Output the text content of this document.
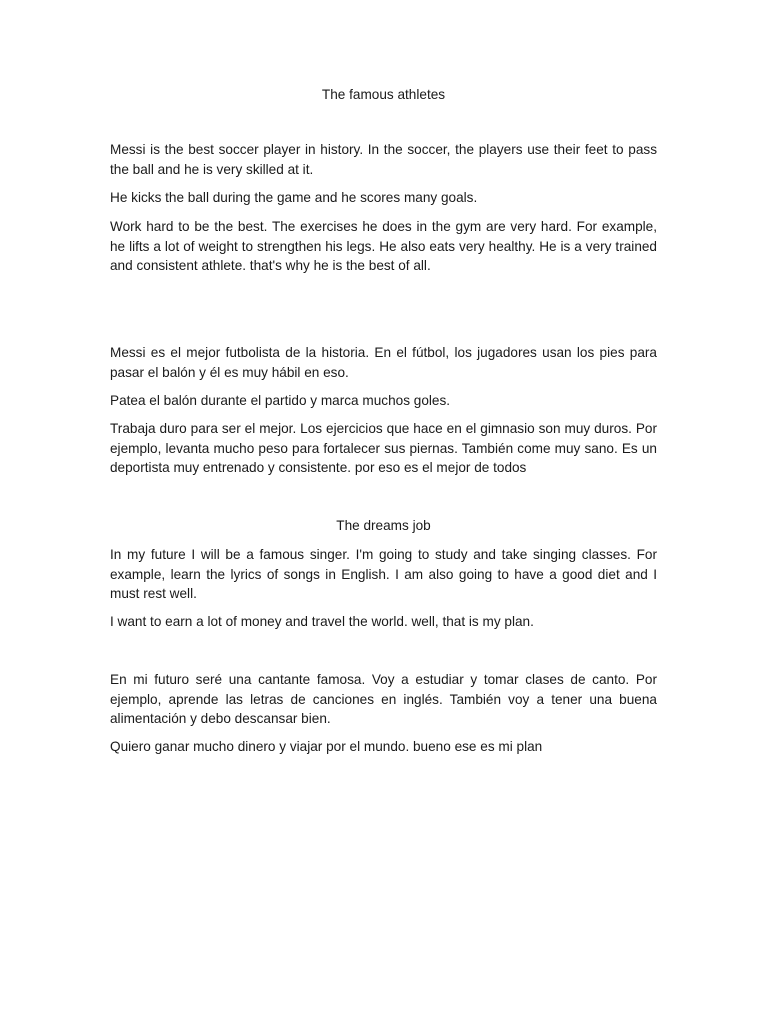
The famous athletes

Messi is the best soccer player in history. In the soccer, the players use their feet to pass the ball and he is very skilled at it.

He kicks the ball during the game and he scores many goals.

Work hard to be the best. The exercises he does in the gym are very hard. For example, he lifts a lot of weight to strengthen his legs. He also eats very healthy. He is a very trained and consistent athlete. that's why he is the best of all.

Messi es el mejor futbolista de la historia. En el fútbol, los jugadores usan los pies para pasar el balón y él es muy hábil en eso.

Patea el balón durante el partido y marca muchos goles.

Trabaja duro para ser el mejor. Los ejercicios que hace en el gimnasio son muy duros. Por ejemplo, levanta mucho peso para fortalecer sus piernas. También come muy sano. Es un deportista muy entrenado y consistente. por eso es el mejor de todos

The dreams job

In my future I will be a famous singer. I'm going to study and take singing classes. For example, learn the lyrics of songs in English. I am also going to have a good diet and I must rest well.

I want to earn a lot of money and travel the world. well, that is my plan.

En mi futuro seré una cantante famosa. Voy a estudiar y tomar clases de canto. Por ejemplo, aprende las letras de canciones en inglés. También voy a tener una buena alimentación y debo descansar bien.

Quiero ganar mucho dinero y viajar por el mundo. bueno ese es mi plan
